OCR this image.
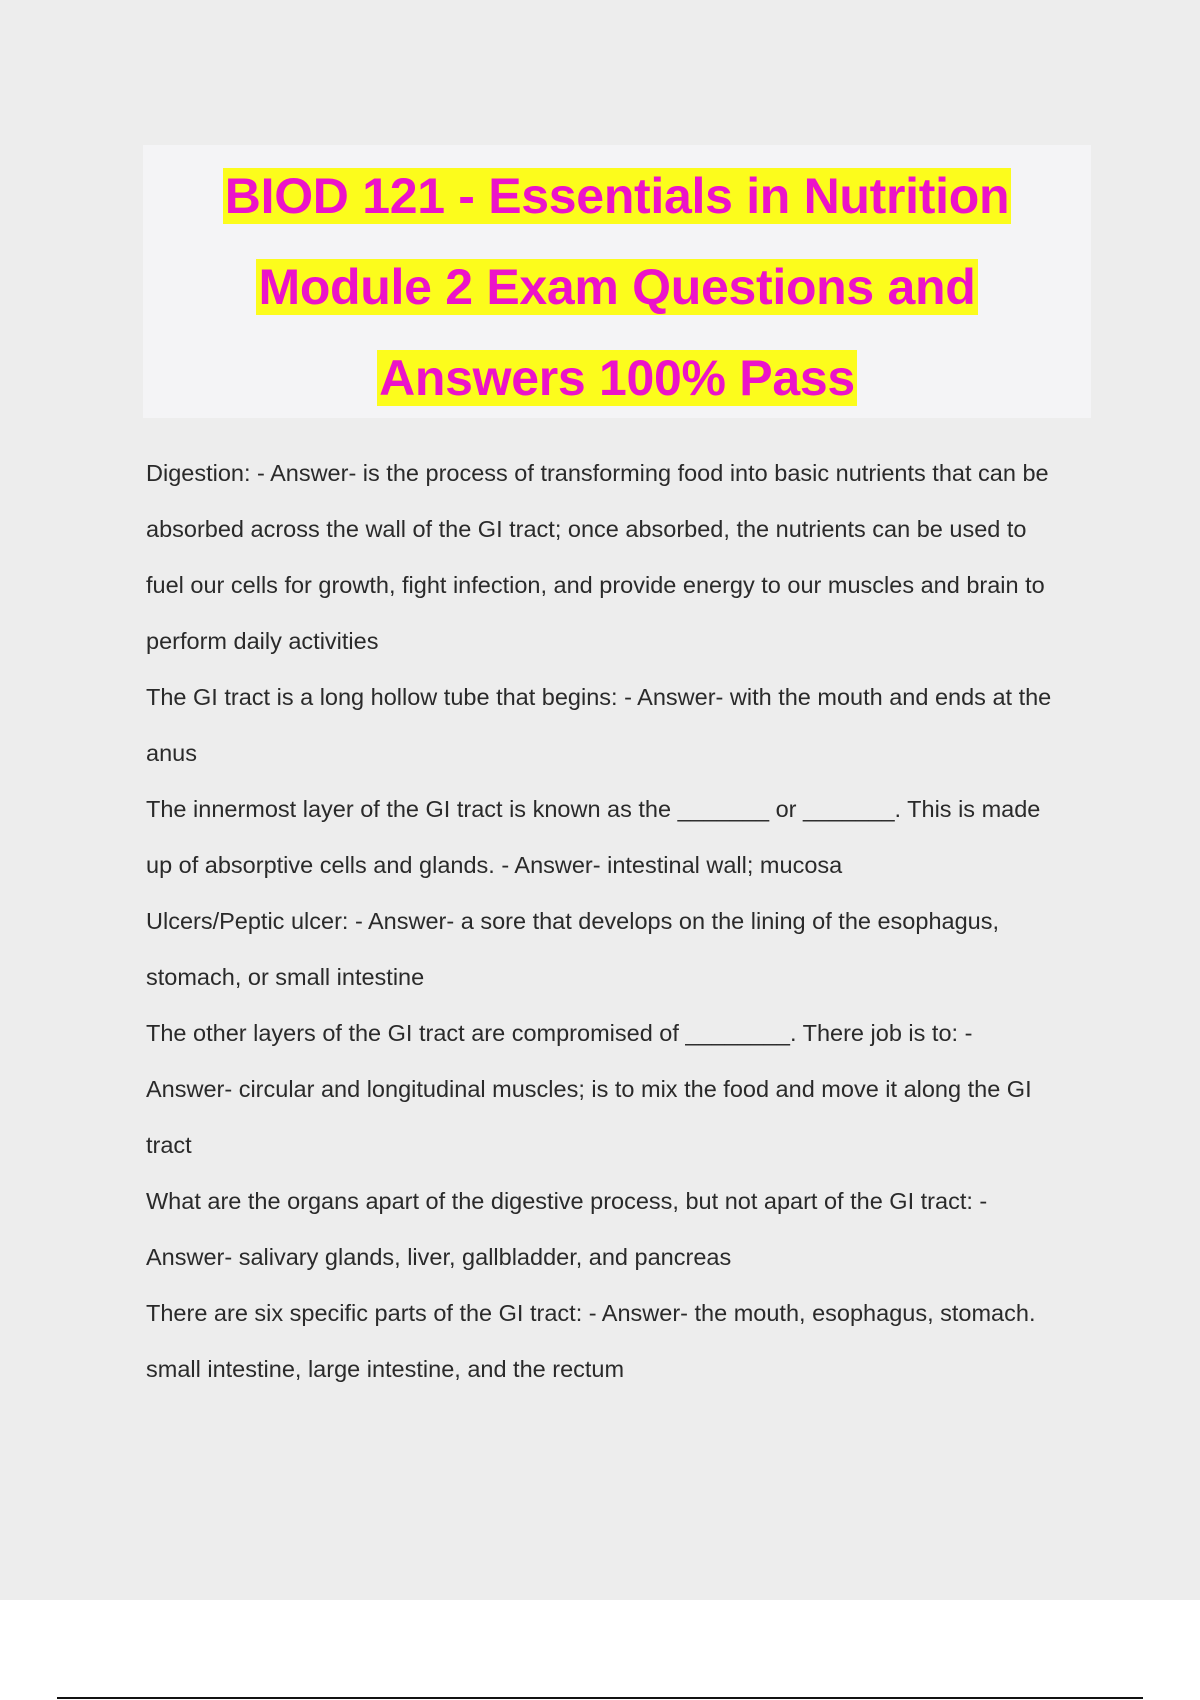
BIOD 121 - Essentials in Nutrition
Module 2 Exam Questions and
Answers 100% Pass
Digestion: - Answer- is the process of transforming food into basic nutrients that can be
absorbed across the wall of the GI tract; once absorbed, the nutrients can be used to
fuel our cells for growth, fight infection, and provide energy to our muscles and brain to
perform daily activities
The GI tract is a long hollow tube that begins: - Answer- with the mouth and ends at the
anus
The innermost layer of the GI tract is known as the _______ or _______. This is made
up of absorptive cells and glands. - Answer- intestinal wall; mucosa
Ulcers/Peptic ulcer: - Answer- a sore that develops on the lining of the esophagus,
stomach, or small intestine
The other layers of the GI tract are compromised of ________. There job is to: -
Answer- circular and longitudinal muscles; is to mix the food and move it along the GI
tract
What are the organs apart of the digestive process, but not apart of the GI tract: -
Answer- salivary glands, liver, gallbladder, and pancreas
There are six specific parts of the GI tract: - Answer- the mouth, esophagus, stomach.
small intestine, large intestine, and the rectum
